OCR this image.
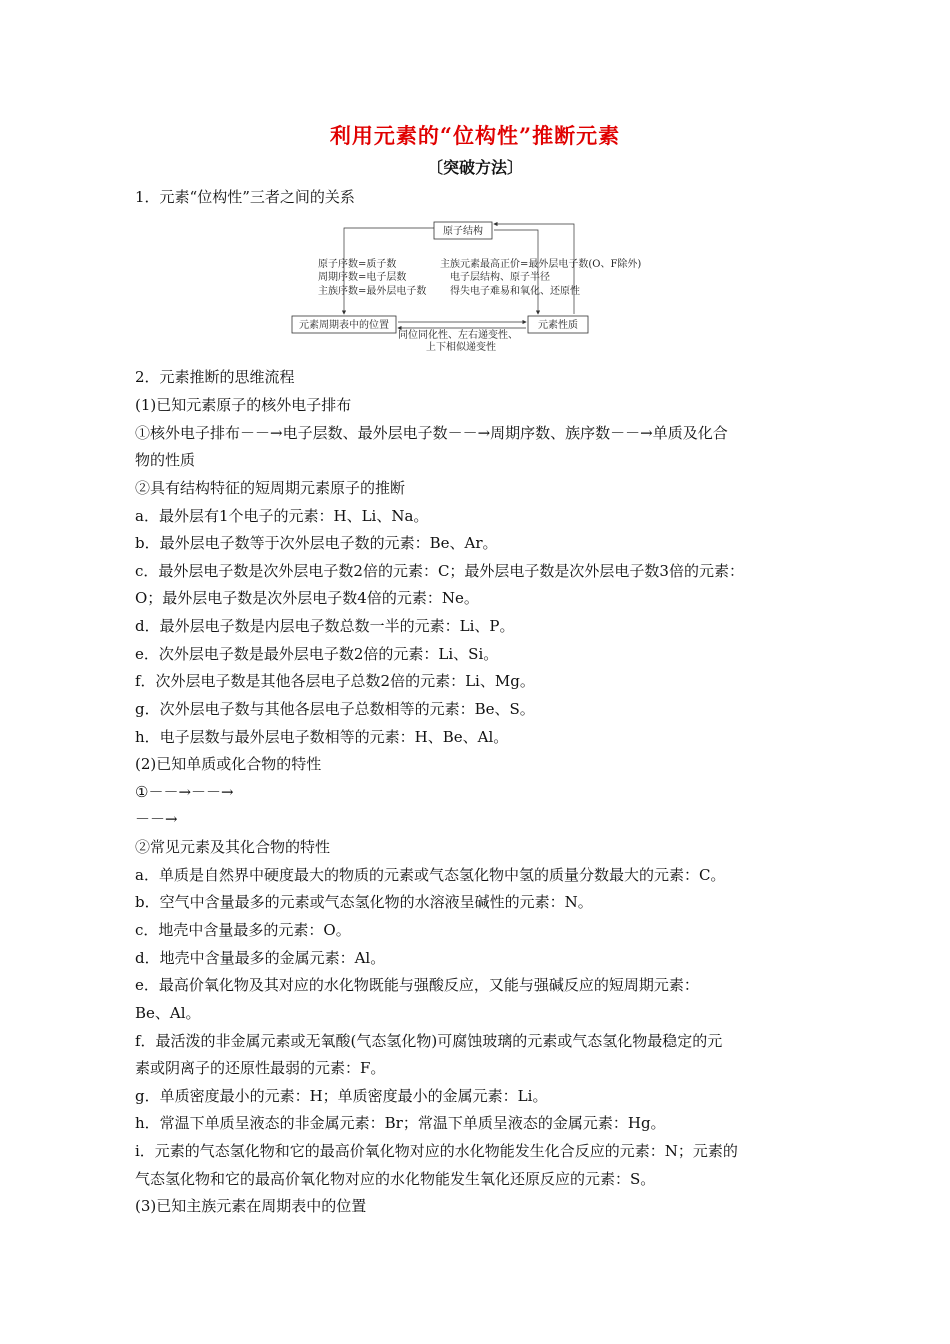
利用元素的“位构性”推断元素
〔突破方法〕
1．元素“位构性”三者之间的关系
原子结构
元素周期表中的位置	元素性质
原子序数=质子数
周期序数=电子层数
主族序数=最外层电子数
主族元素最高正价=最外层电子数(O、F除外)
电子层结构、原子半径
得失电子难易和氧化、还原性
同位同化性、左右递变性、
上下相似递变性
2．元素推断的思维流程
(1)已知元素原子的核外电子排布
①核外电子排布－－→电子层数、最外层电子数－－→周期序数、族序数－－→单质及化合
物的性质
②具有结构特征的短周期元素原子的推断
a．最外层有1个电子的元素：H、Li、Na。
b．最外层电子数等于次外层电子数的元素：Be、Ar。
c．最外层电子数是次外层电子数2倍的元素：C；最外层电子数是次外层电子数3倍的元素：
O；最外层电子数是次外层电子数4倍的元素：Ne。
d．最外层电子数是内层电子数总数一半的元素：Li、P。
e．次外层电子数是最外层电子数2倍的元素：Li、Si。
f．次外层电子数是其他各层电子总数2倍的元素：Li、Mg。
g．次外层电子数与其他各层电子总数相等的元素：Be、S。
h．电子层数与最外层电子数相等的元素：H、Be、Al。
(2)已知单质或化合物的特性
①－－→－－→
－－→
②常见元素及其化合物的特性
a．单质是自然界中硬度最大的物质的元素或气态氢化物中氢的质量分数最大的元素：C。
b．空气中含量最多的元素或气态氢化物的水溶液呈碱性的元素：N。
c．地壳中含量最多的元素：O。
d．地壳中含量最多的金属元素：Al。
e．最高价氧化物及其对应的水化物既能与强酸反应，又能与强碱反应的短周期元素：
Be、Al。
f．最活泼的非金属元素或无氧酸(气态氢化物)可腐蚀玻璃的元素或气态氢化物最稳定的元
素或阴离子的还原性最弱的元素：F。
g．单质密度最小的元素：H；单质密度最小的金属元素：Li。
h．常温下单质呈液态的非金属元素：Br；常温下单质呈液态的金属元素：Hg。
i．元素的气态氢化物和它的最高价氧化物对应的水化物能发生化合反应的元素：N；元素的
气态氢化物和它的最高价氧化物对应的水化物能发生氧化还原反应的元素：S。
(3)已知主族元素在周期表中的位置
